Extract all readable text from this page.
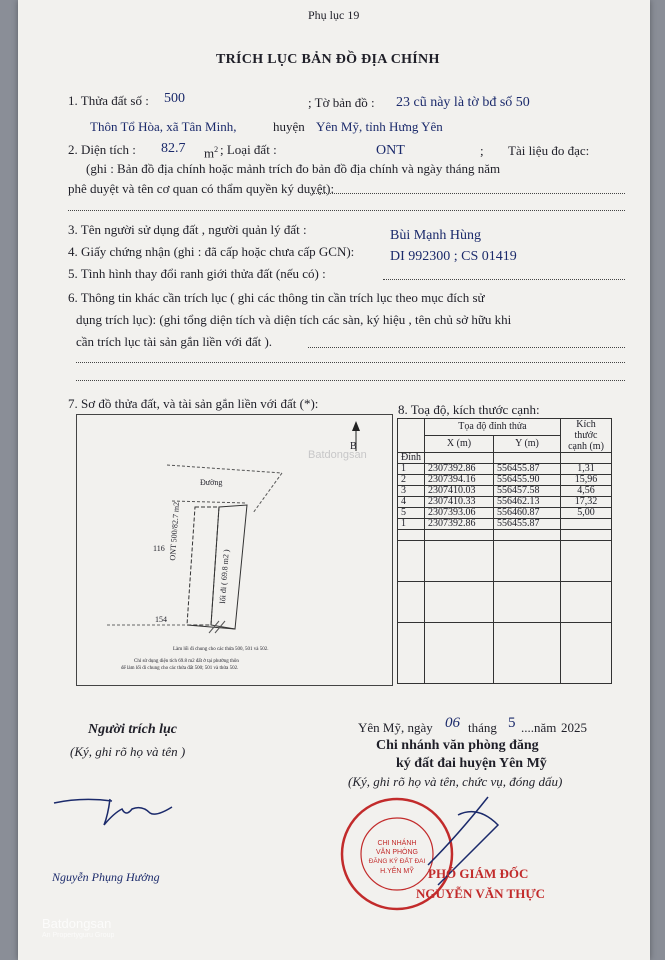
Phụ lục 19
TRÍCH LỤC BẢN ĐỒ ĐỊA CHÍNH
1. Thửa đất số : 500	; Tờ bản đồ : 23 cũ này là tờ bđ số 50
Thôn Tổ Hòa, xã Tân Minh,	huyện Yên Mỹ, tỉnh Hưng Yên
2. Diện tích : 82.7 $m^2$ ; Loại đất :	ONT	; Tài liệu đo đạc:
(ghi : Bản đồ địa chính hoặc mảnh trích đo bản đồ địa chính và ngày tháng năm
phê duyệt và tên cơ quan có thẩm quyền ký duyệt):
3. Tên người sử dụng đất , người quản lý đất :	Bùi Mạnh Hùng
4. Giấy chứng nhận (ghi : đã cấp hoặc chưa cấp GCN):	DI 992300 ; CS 01419
5. Tình hình thay đổi ranh giới thửa đất (nếu có) :
6. Thông tin khác cần trích lục ( ghi các thông tin cần trích lục theo mục đích sử
dụng trích lục): (ghi tổng diện tích và diện tích các sàn, ký hiệu , tên chủ sở hữu khi
cần trích lục tài sản gắn liền với đất ).
7. Sơ đồ thửa đất, và tài sản gắn liền với đất (*):	8. Toạ độ, kích thước cạnh:
B
Đường
116
154
ONT 500/82.7 m2
lối đi ( 69.8 m2 )
Làm lối đi chung cho các thửa 500, 501 và 502.
Chỉ sử dụng diện tích 69.8 m2 đất ở tại phường thôn
để làm lối đi chung cho các thửa đất 500; 501 và thửa 502.
	Tọa độ đỉnh thửa		Kích thước cạnh (m)
	X (m)	Y (m)	
Đỉnh			
1	2307392.86	556455.87	1,31
2	2307394.16	556455.90	15,96
3	2307410.03	556457.58	4,56
4	2307410.33	556462.13	17,32
5	2307393.06	556460.87	5,00
1	2307392.86	556455.87	

Người trích lục
(Ký, ghi rõ họ và tên )
Nguyễn Phụng Hưởng
Yên Mỹ, ngày 06 tháng 5 ....năm 2025
Chi nhánh văn phòng đăng
ký đất đai huyện Yên Mỹ
(Ký, ghi rõ họ và tên, chức vụ, đóng dấu)
CHI NHÁNH
VĂN PHÒNG
ĐĂNG KÝ ĐẤT ĐAI
H.YÊN MỸ PHÓ GIÁM ĐỐC
NGUYỄN VĂN THỰC
Batdongsan
Batdongsan
An Propertyguru Group
